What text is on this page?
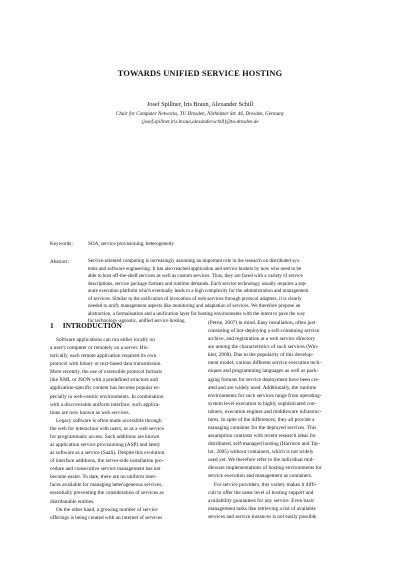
TOWARDS UNIFIED SERVICE HOSTING
Josef Spillner, Iris Braun, Alexander Schill
Chair for Computer Networks, TU Dresden, Nöthnitzer Str. 46, Dresden, Germany
{josef.spillner,iris.braun,alexander.schill}@tu-dresden.de
Keywords:	SOA, service provisioning, heterogeneity
Abstract:	Service-oriented computing is increasingly assuming an important role in the research on distributed sys-
tems and software engineering. It has also reached application and service hosters by now who need to be
able to host off-the-shelf services as well as custom services. Thus, they are faced with a variety of service
descriptions, service package formats and runtime demands. Each service technology usually requires a sep-
arate execution platform which eventually leads to a high complexity for the administration and management
of services. Similar to the unification of invocation of web services through protocol adapters, it is clearly
needed to unify management aspects like monitoring and adaptation of services. We therefore propose an
abstraction, a formalisation and a unification layer for hosting environments with the intent to pave the way
for technology-agnostic, unified service hosting.
1 INTRODUCTION
Software applications can run either locally on
a user's computer or remotely on a server. His-
torically, each remote application required its own
protocol with binary or text-based data transmission.
More recently, the use of extensible protocol formats
like XML or JSON with a predefined structure and
application-specific content has become popular es-
pecially in web-centric environments. In combination
with a discoverable uniform interface, such applica-
tions are now known as web services.
Legacy software is often made accessible through
the web for interaction with users, or as a web service
for programmatic access. Such additions are known
as application service provisioning (ASP) and lately
as software as a service (SaaS). Despite this evolution
of interface additions, the server-side installation pro-
cedure and consecutive service management has not
become easier. To date, there are no uniform inter-
faces available for managing heterogeneous services,
essentially preventing the consideration of services as
distributable entities.
On the other hand, a growing number of service
offerings is being created with an internet of services
(Petrie, 2007) in mind. Easy installation, often just
consisting of hot-deploying a self-containing service
archive, and registration at a web service directory
are among the characteristics of such services (Win-
kler, 2008). Due to the popularity of this develop-
ment model, various different service execution tech-
niques and programming languages as well as pack-
aging formats for service deployment have been cre-
ated and are widely used. Additionally, the runtime
environments for such services range from operating-
system level execution to highly sophisticated con-
tainers, execution engines and middleware infrastruc-
tures. In spite of the differences, they all provide a
managing container for the deployed services. This
assumption contrasts with recent research ideas for
distributed, self-managed hosting (Harrison and Tay-
lor, 2005) without containers, which is not widely
used yet. We therefore refer to the individual mid-
dleware implementations of hosting environments for
service execution and management as containers.
For service providers, this variety makes it diffi-
cult to offer the same level of hosting support and
availability guarantees for any service. Even basic
management tasks like retrieving a list of available
services and service instances is not easily possible
